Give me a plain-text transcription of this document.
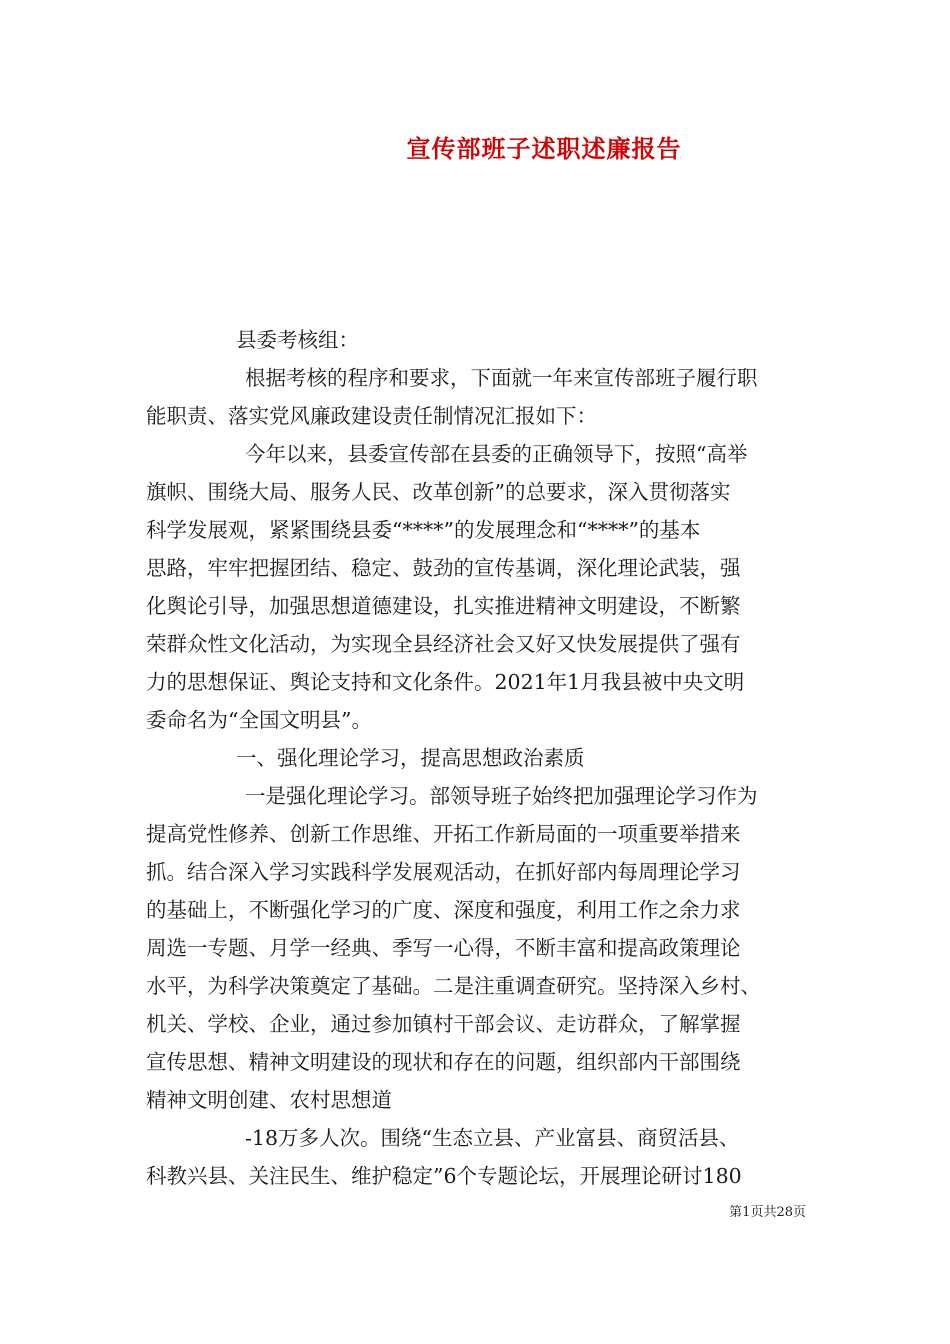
宣传部班子述职述廉报告

县委考核组：

根据考核的程序和要求，下面就一年来宣传部班子履行职

能职责、落实党风廉政建设责任制情况汇报如下：

今年以来，县委宣传部在县委的正确领导下，按照“高举

旗帜、围绕大局、服务人民、改革创新”的总要求，深入贯彻落实

科学发展观，紧紧围绕县委“****”的发展理念和“****”的基本

思路，牢牢把握团结、稳定、鼓劲的宣传基调，深化理论武装，强

化舆论引导，加强思想道德建设，扎实推进精神文明建设，不断繁

荣群众性文化活动，为实现全县经济社会又好又快发展提供了强有

力的思想保证、舆论支持和文化条件。2021年1月我县被中央文明

委命名为“全国文明县”。

一、强化理论学习，提高思想政治素质

一是强化理论学习。部领导班子始终把加强理论学习作为

提高党性修养、创新工作思维、开拓工作新局面的一项重要举措来

抓。结合深入学习实践科学发展观活动，在抓好部内每周理论学习

的基础上，不断强化学习的广度、深度和强度，利用工作之余力求

周选一专题、月学一经典、季写一心得，不断丰富和提高政策理论

水平，为科学决策奠定了基础。二是注重调查研究。坚持深入乡村、

机关、学校、企业，通过参加镇村干部会议、走访群众，了解掌握

宣传思想、精神文明建设的现状和存在的问题，组织部内干部围绕

精神文明创建、农村思想道

-18万多人次。围绕“生态立县、产业富县、商贸活县、

科教兴县、关注民生、维护稳定”6个专题论坛，开展理论研讨180

第1页共28页
